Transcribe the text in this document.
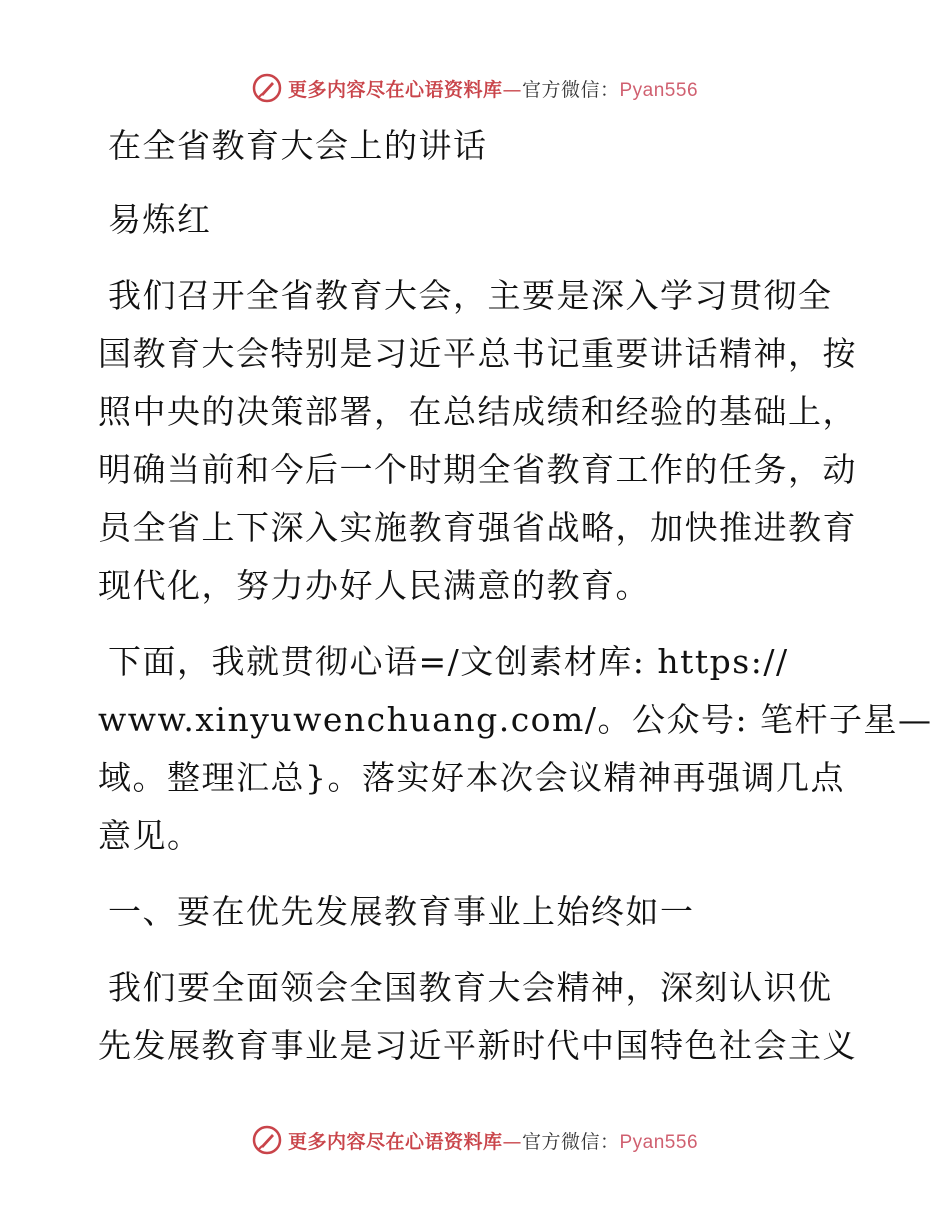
更多内容尽在心语资料库—官方微信：Pyan556
在全省教育大会上的讲话
易炼红
我们召开全省教育大会，主要是深入学习贯彻全
国教育大会特别是习近平总书记重要讲话精神，按
照中央的决策部署，在总结成绩和经验的基础上，
明确当前和今后一个时期全省教育工作的任务，动
员全省上下深入实施教育强省战略，加快推进教育
现代化，努力办好人民满意的教育。
下面，我就贯彻心语=/文创素材库: https://
www.xinyuwenchuang.com/。公众号: 笔杆子星—
域。整理汇总}。落实好本次会议精神再强调几点
意见。
一、要在优先发展教育事业上始终如一
我们要全面领会全国教育大会精神，深刻认识优
先发展教育事业是习近平新时代中国特色社会主义
更多内容尽在心语资料库—官方微信：Pyan556
